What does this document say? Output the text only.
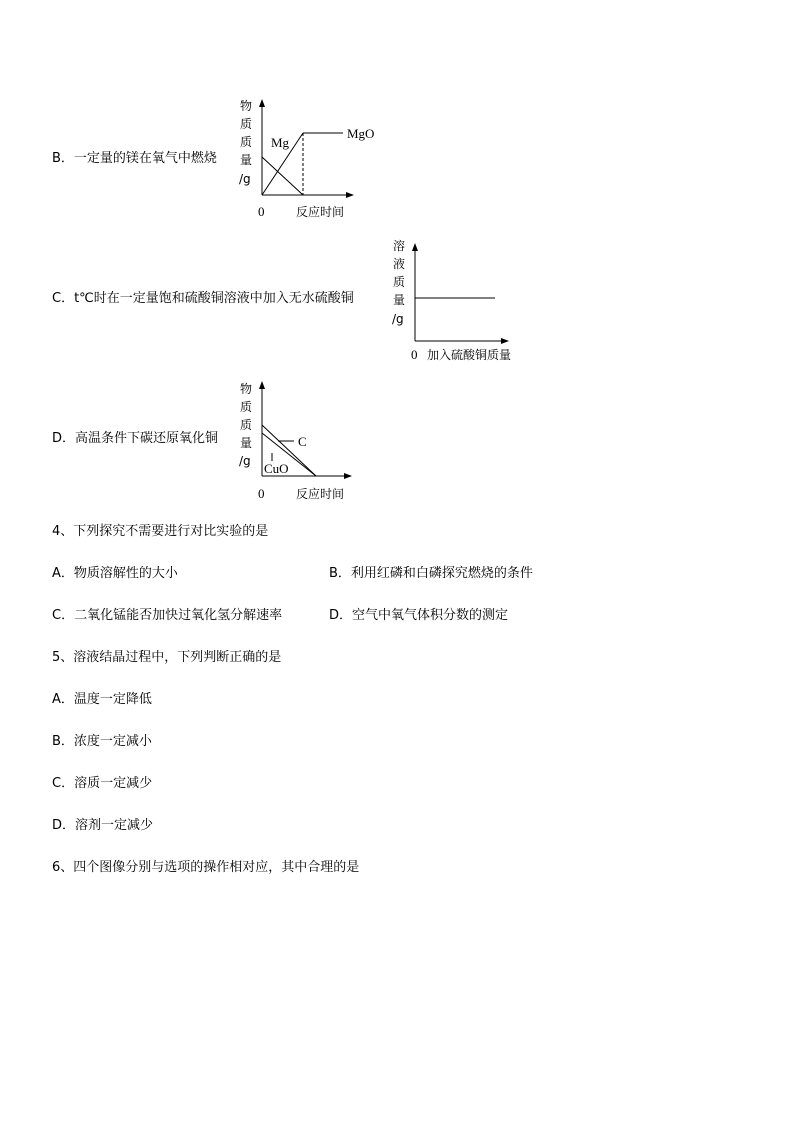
B．一定量的镁在氧气中燃烧
物
质
质
量
/g
Mg
MgO
0	反应时间
C．t℃时在一定量饱和硫酸铜溶液中加入无水硫酸铜
溶
液
质
量
/g
0 加入硫酸铜质量
D．高温条件下碳还原氧化铜
物
质
质
量
/g
C
CuO
0	反应时间
4、下列探究不需要进行对比实验的是
A．物质溶解性的大小	B．利用红磷和白磷探究燃烧的条件
C．二氧化锰能否加快过氧化氢分解速率	D．空气中氧气体积分数的测定
5、溶液结晶过程中，下列判断正确的是
A．温度一定降低
B．浓度一定减小
C．溶质一定减少
D．溶剂一定减少
6、四个图像分别与选项的操作相对应，其中合理的是
